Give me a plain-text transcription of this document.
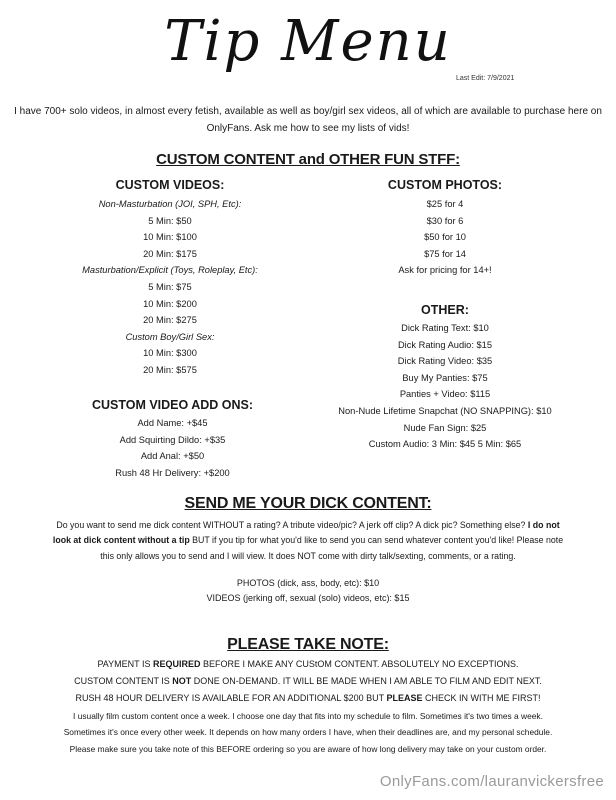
Tip Menu
Last Edit: 7/9/2021
I have 700+ solo videos, in almost every fetish, available as well as boy/girl sex videos, all of which are available to purchase here on OnlyFans. Ask me how to see my lists of vids!
CUSTOM CONTENT and OTHER FUN STFF:
CUSTOM VIDEOS:
Non-Masturbation (JOI, SPH, Etc):
5 Min: $50
10 Min: $100
20 Min: $175
Masturbation/Explicit (Toys, Roleplay, Etc):
5 Min: $75
10 Min: $200
20 Min: $275
Custom Boy/Girl Sex:
10 Min: $300
20 Min: $575
CUSTOM VIDEO ADD ONS:
Add Name: +$45
Add Squirting Dildo: +$35
Add Anal: +$50
Rush 48 Hr Delivery: +$200
CUSTOM PHOTOS:
$25 for 4
$30 for 6
$50 for 10
$75 for 14
Ask for pricing for 14+!
OTHER:
Dick Rating Text: $10
Dick Rating Audio: $15
Dick Rating Video: $35
Buy My Panties: $75
Panties + Video: $115
Non-Nude Lifetime Snapchat (NO SNAPPING): $10
Nude Fan Sign: $25
Custom Audio: 3 Min: $45 5 Min: $65
SEND ME YOUR DICK CONTENT:
Do you want to send me dick content WITHOUT a rating? A tribute video/pic? A jerk off clip? A dick pic? Something else? I do not look at dick content without a tip BUT if you tip for what you'd like to send you can send whatever content you'd like! Please note this only allows you to send and I will view. It does NOT come with dirty talk/sexting, comments, or a rating.
PHOTOS (dick, ass, body, etc): $10
VIDEOS (jerking off, sexual (solo) videos, etc): $15
PLEASE TAKE NOTE:
PAYMENT IS REQUIRED BEFORE I MAKE ANY CUStOM CONTENT. ABSOLUTELY NO EXCEPTIONS.
CUSTOM CONTENT IS NOT DONE ON-DEMAND. IT WILL BE MADE WHEN I AM ABLE TO FILM AND EDIT NEXT.
RUSH 48 HOUR DELIVERY IS AVAILABLE FOR AN ADDITIONAL $200 BUT PLEASE CHECK IN WITH ME FIRST!
I usually film custom content once a week. I choose one day that fits into my schedule to film. Sometimes it's two times a week.
Sometimes it's once every other week. It depends on how many orders I have, when their deadlines are, and my personal schedule.
Please make sure you take note of this BEFORE ordering so you are aware of how long delivery may take on your custom order.
OnlyFans.com/lauranvickersfree
